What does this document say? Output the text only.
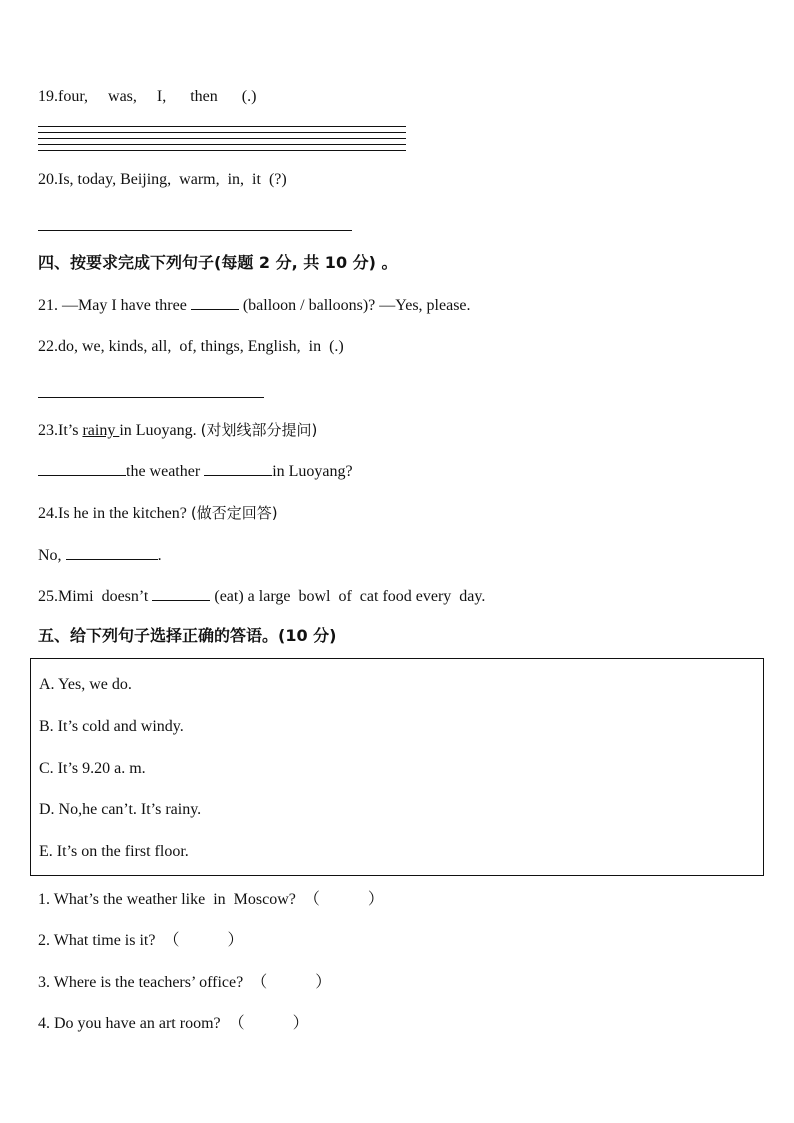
19.four,     was,     I,      then      (.)
20.Is, today, Beijing,  warm,  in,  it  (?)
四、按要求完成下列句子(每题 2 分, 共 10 分) 。
21. —May I have three	(balloon / balloons)? —Yes, please.
22.do, we, kinds, all,  of, things, English,  in  (.)
23.It’s rainy in Luoyang. (对划线部分提问)
the weather	in Luoyang?
24.Is he in the kitchen? (做否定回答)
No,	.
25.Mimi  doesn’t	(eat) a large  bowl  of  cat food every  day.
五、给下列句子选择正确的答语。(10 分)
A. Yes, we do.
B. It’s cold and windy.
C. It’s 9.20 a. m.
D. No,he can’t. It’s rainy.
E. It’s on the first floor.
1. What’s the weather like  in  Moscow?  （            ）
2. What time is it?  （            ）
3. Where is the teachers’ office?  （            ）
4. Do you have an art room?  （            ）
